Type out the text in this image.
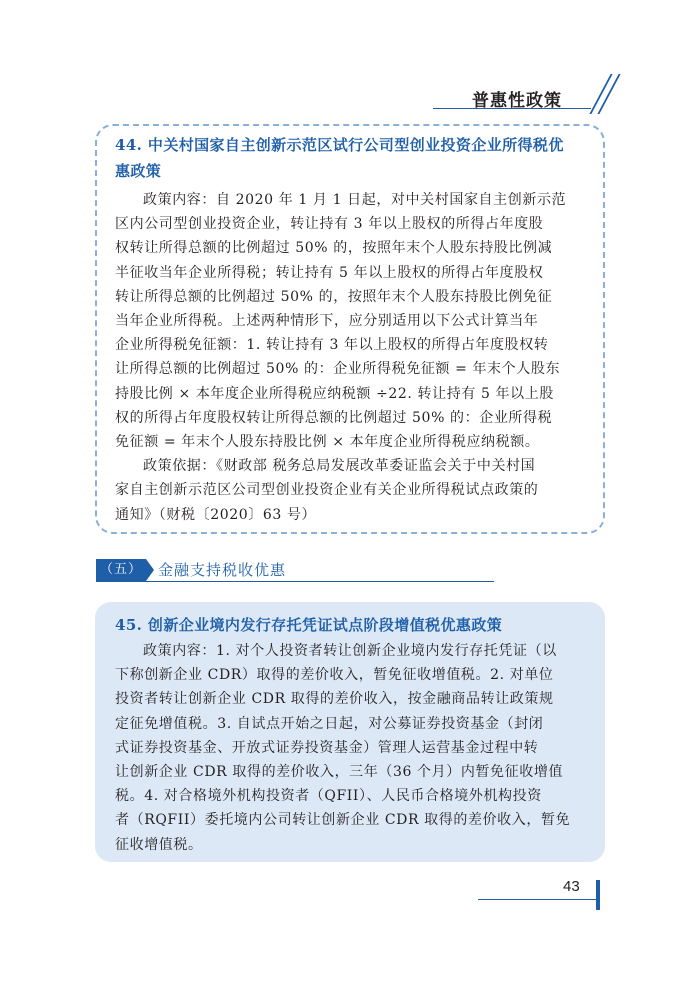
普惠性政策
44. 中关村国家自主创新示范区试行公司型创业投资企业所得税优
惠政策
政策内容：自 2020 年 1 月 1 日起，对中关村国家自主创新示范
区内公司型创业投资企业，转让持有 3 年以上股权的所得占年度股
权转让所得总额的比例超过 50% 的，按照年末个人股东持股比例减
半征收当年企业所得税；转让持有 5 年以上股权的所得占年度股权
转让所得总额的比例超过 50% 的，按照年末个人股东持股比例免征
当年企业所得税。上述两种情形下，应分别适用以下公式计算当年
企业所得税免征额：1. 转让持有 3 年以上股权的所得占年度股权转
让所得总额的比例超过 50% 的：企业所得税免征额 = 年末个人股东
持股比例 × 本年度企业所得税应纳税额 ÷22. 转让持有 5 年以上股
权的所得占年度股权转让所得总额的比例超过 50% 的：企业所得税
免征额 = 年末个人股东持股比例 × 本年度企业所得税应纳税额。
政策依据：《财政部 税务总局发展改革委证监会关于中关村国
家自主创新示范区公司型创业投资企业有关企业所得税试点政策的
通知》（财税〔2020〕63 号）
（五） 金融支持税收优惠
45. 创新企业境内发行存托凭证试点阶段增值税优惠政策
政策内容：1. 对个人投资者转让创新企业境内发行存托凭证（以
下称创新企业 CDR）取得的差价收入，暂免征收增值税。2. 对单位
投资者转让创新企业 CDR 取得的差价收入，按金融商品转让政策规
定征免增值税。3. 自试点开始之日起，对公募证券投资基金（封闭
式证券投资基金、开放式证券投资基金）管理人运营基金过程中转
让创新企业 CDR 取得的差价收入，三年（36 个月）内暂免征收增值
税。4. 对合格境外机构投资者（QFII）、人民币合格境外机构投资
者（RQFII）委托境内公司转让创新企业 CDR 取得的差价收入，暂免
征收增值税。
43
